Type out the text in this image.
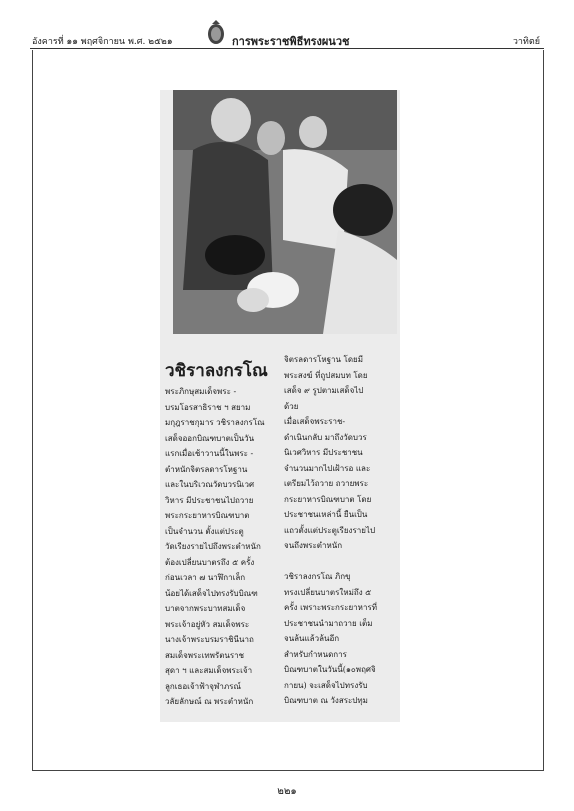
อังคารที่ ๑๑ พฤศจิกายน พ.ศ. ๒๕๒๑	การพระราชพิธีทรงผนวช	วาทิตย์
วชิราลงกรโณ

พระภิกษุสมเด็จพระ -

บรมโอรสาธิราช ฯ สยาม

มกุฎราชกุมาร วชิราลงกรโณ

เสด็จออกบิณฑบาตเป็นวัน

แรกเมื่อเช้าวานนี้ในพระ -

ตำหนักจิตรลดารโหฐาน

และในบริเวณวัดบวรนิเวศ

วิหาร มีประชาชนไปถวาย

พระกระยาหารบิณฑบาต

เป็นจำนวน ตั้งแต่ประตู

วัดเรียงรายไปถึงพระตำหนัก

ต้องเปลี่ยนบาตรถึง ๕ ครั้ง

ก่อนเวลา ๗ นาฬิกาเล็ก

น้อยได้เสด็จไปทรงรับบิณฑ

บาตจากพระบาทสมเด็จ

พระเจ้าอยู่หัว สมเด็จพระ

นางเจ้าพระบรมราชินีนาถ

สมเด็จพระเทพรัตนราช

สุดา ฯ และสมเด็จพระเจ้า

ลูกเธอเจ้าฟ้าจุฬาภรณ์

วลัยลักษณ์ ณ พระตำหนัก

จิตรลดารโหฐาน โดยมี

พระสงฆ์ ที่ถูปสมบท โดย

เสด็จ ๙ รูปตามเสด็จไป

ด้วย

เมื่อเสด็จพระราช-

ดำเนินกลับ มาถึงวัดบวร

นิเวศวิหาร มีประชาชน

จำนวนมากไปเฝ้ารอ และ

เตรียมไว้ถวาย ถวายพระ

กระยาหารบิณฑบาต โดย

ประชาชนเหล่านี้ ยืนเป็น

แถวตั้งแต่ประตูเรียงรายไป

จนถึงพระตำหนัก

วชิราลงกรโณ ภิกขุ

ทรงเปลี่ยนบาตรใหม่ถึง ๕

ครั้ง เพราะพระกระยาหารที่

ประชาชนนำมาถวาย เต็ม

จนล้นแล้วล้นอีก

สำหรับกำหนดการ

บิณฑบาตในวันนี้(๑๐พฤศจิ

กายน) จะเสด็จไปทรงรับ

บิณฑบาต ณ วังสระปทุม

๒๒๑
